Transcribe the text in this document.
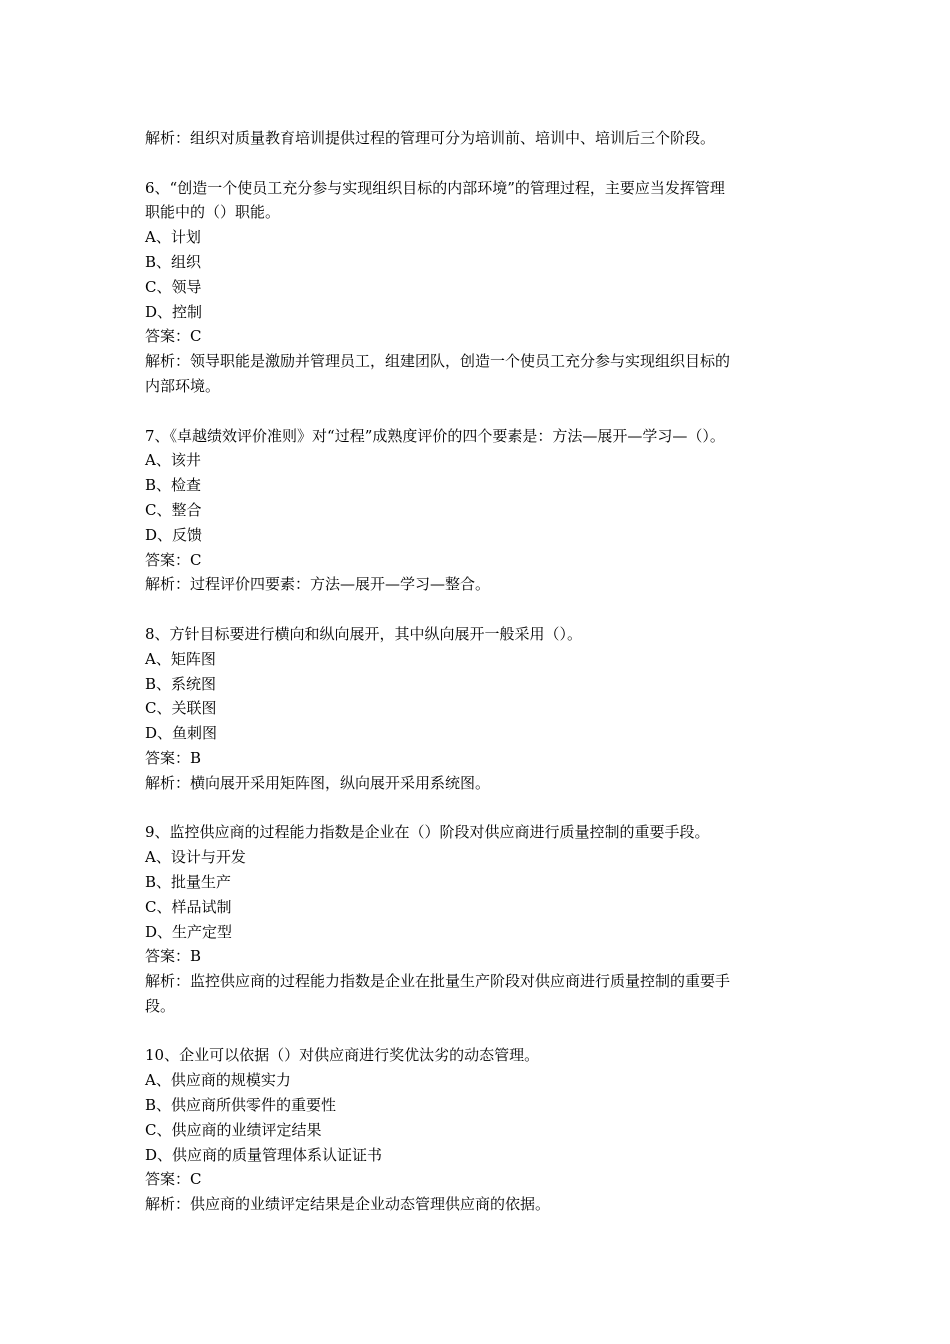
解析：组织对质量教育培训提供过程的管理可分为培训前、培训中、培训后三个阶段。
6、“创造一个使员工充分参与实现组织目标的内部环境”的管理过程，主要应当发挥管理
职能中的（）职能。
A、计划
B、组织
C、领导
D、控制
答案：C
解析：领导职能是激励并管理员工，组建团队，创造一个使员工充分参与实现组织目标的
内部环境。
7、《卓越绩效评价准则》对“过程”成熟度评价的四个要素是：方法—展开—学习—（）。
A、该井
B、检查
C、整合
D、反馈
答案：C
解析：过程评价四要素：方法—展开—学习—整合。
8、方针目标要进行横向和纵向展开，其中纵向展开一般采用（）。
A、矩阵图
B、系统图
C、关联图
D、鱼刺图
答案：B
解析：横向展开采用矩阵图，纵向展开采用系统图。
9、监控供应商的过程能力指数是企业在（）阶段对供应商进行质量控制的重要手段。
A、设计与开发
B、批量生产
C、样品试制
D、生产定型
答案：B
解析：监控供应商的过程能力指数是企业在批量生产阶段对供应商进行质量控制的重要手
段。
10、企业可以依据（）对供应商进行奖优汰劣的动态管理。
A、供应商的规模实力
B、供应商所供零件的重要性
C、供应商的业绩评定结果
D、供应商的质量管理体系认证证书
答案：C
解析：供应商的业绩评定结果是企业动态管理供应商的依据。
